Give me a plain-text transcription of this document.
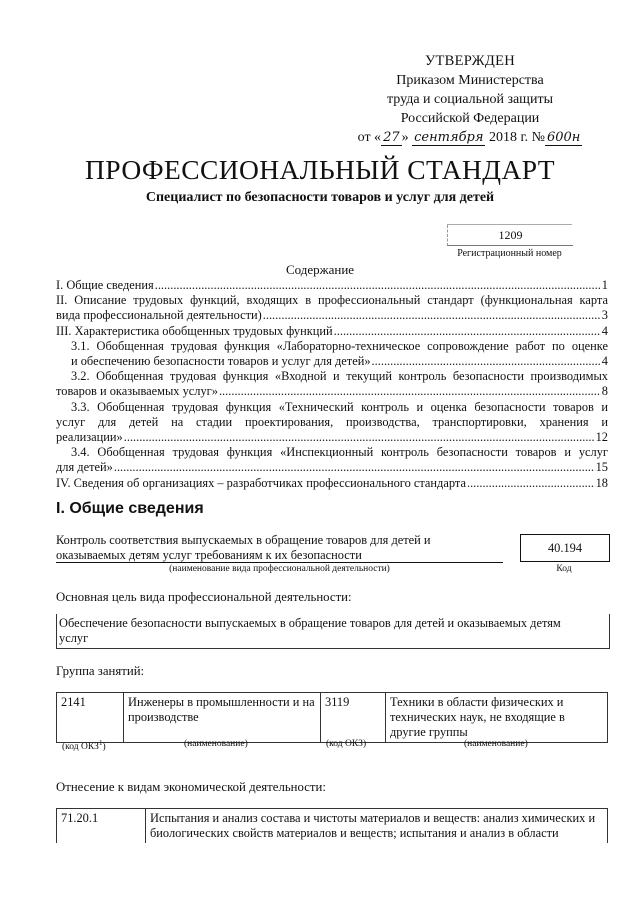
УТВЕРЖДЕН
Приказом Министерства
труда и социальной защиты
Российской Федерации
от « 27 » сентября 2018 г. № 600н
ПРОФЕССИОНАЛЬНЫЙ СТАНДАРТ
Специалист по безопасности товаров и услуг для детей
1209
Регистрационный номер
Содержание
I. Общие сведения .....	1
II. Описание трудовых функций, входящих в профессиональный стандарт (функциональная карта
вида профессиональной деятельности) .....	3
III. Характеристика обобщенных трудовых функций .....	4
3.1. Обобщенная трудовая функция «Лабораторно-техническое сопровождение работ по оценке
и обеспечению безопасности товаров и услуг для детей» .....	4
3.2. Обобщенная трудовая функция «Входной и текущий контроль безопасности производимых
товаров и оказываемых услуг» .....	8
3.3. Обобщенная трудовая функция «Технический контроль и оценка безопасности товаров и
услуг для детей на стадии проектирования, производства, транспортировки, хранения и
реализации» .....	12
3.4. Обобщенная трудовая функция «Инспекционный контроль безопасности товаров и услуг
для детей» .....	15
IV. Сведения об организациях – разработчиках профессионального стандарта .....	18
I. Общие сведения
Контроль соответствия выпускаемых в обращение товаров для детей и
оказываемых детям услуг требованиям к их безопасности
(наименование вида профессиональной деятельности)
40.194
Код
Основная цель вида профессиональной деятельности:
Обеспечение безопасности выпускаемых в обращение товаров для детей и оказываемых детям
услуг
Группа занятий:
2141	Инженеры в промышленности и на производстве	3119	Техники в области физических и технических наук, не входящие в другие группы
(код ОКЗ$^1$)	(наименование)	(код ОКЗ)	(наименование)
Отнесение к видам экономической деятельности:
71.20.1	Испытания и анализ состава и чистоты материалов и веществ: анализ химических и биологических свойств материалов и веществ; испытания и анализ в области
